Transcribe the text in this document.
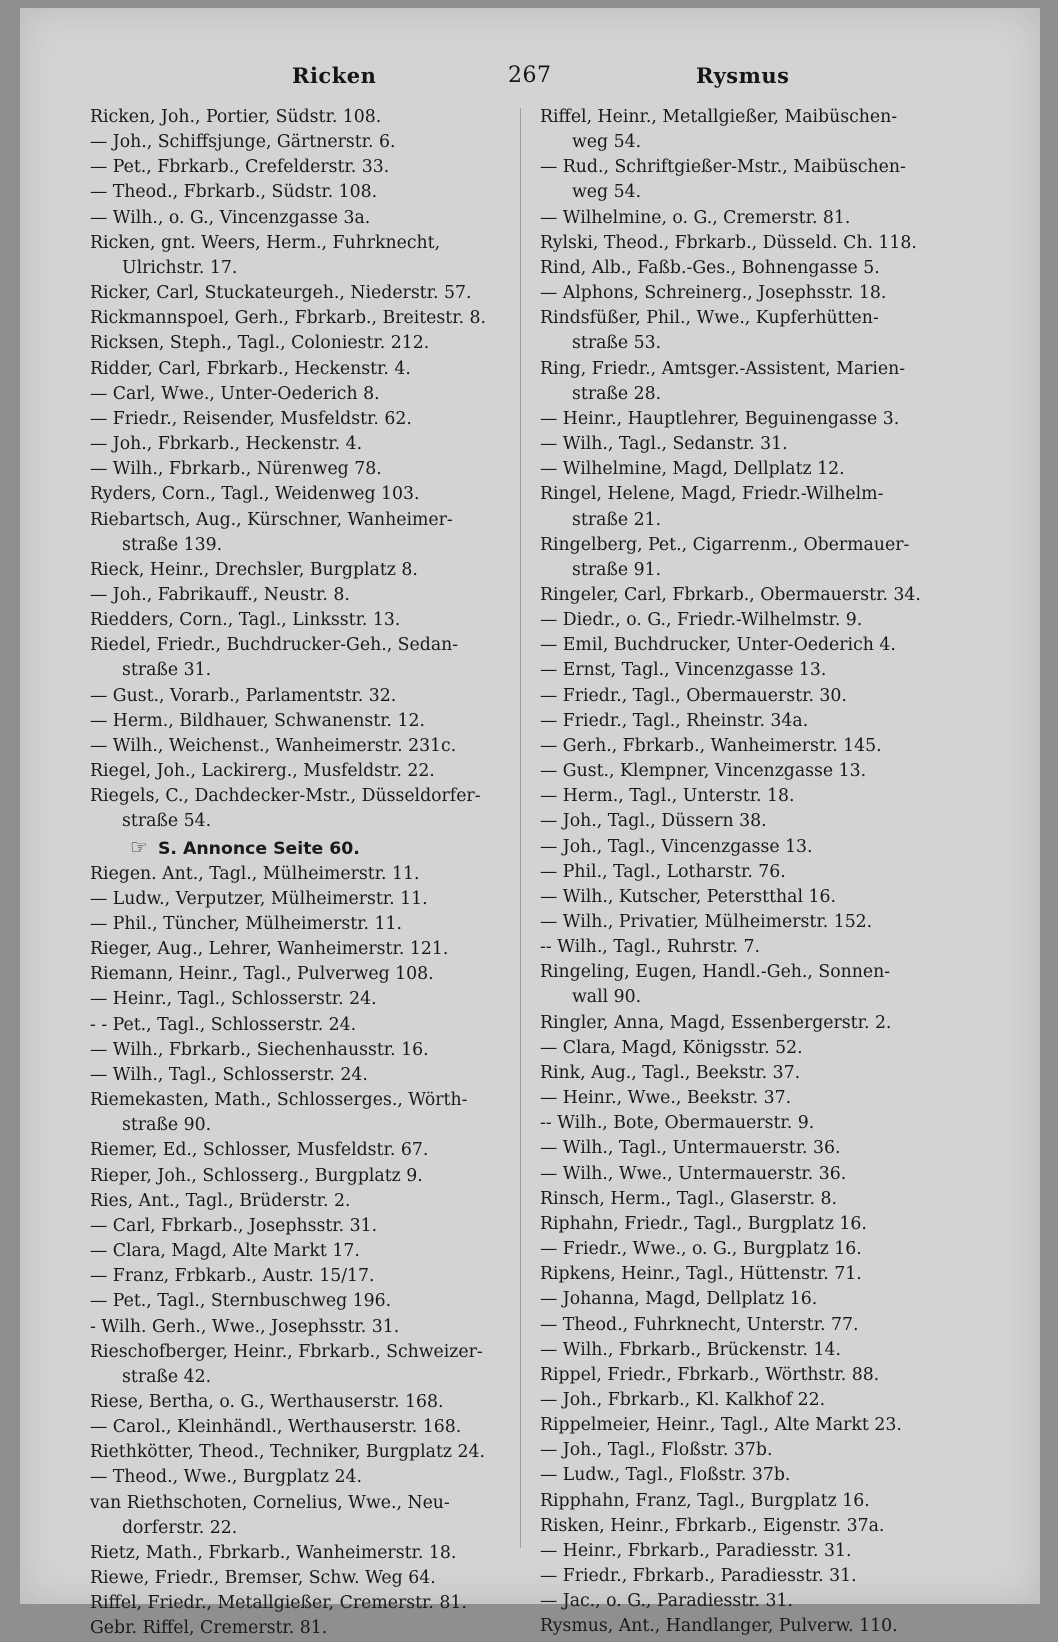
Ricken	267	Rysmus
Ricken, Joh., Portier, Südstr. 108.
— Joh., Schiffsjunge, Gärtnerstr. 6.
— Pet., Fbrkarb., Crefelderstr. 33.
— Theod., Fbrkarb., Südstr. 108.
— Wilh., o. G., Vincenzgasse 3a.
Ricken, gnt. Weers, Herm., Fuhrknecht,
Ulrichstr. 17.
Ricker, Carl, Stuckateurgeh., Niederstr. 57.
Rickmannspoel, Gerh., Fbrkarb., Breitestr. 8.
Ricksen, Steph., Tagl., Coloniestr. 212.
Ridder, Carl, Fbrkarb., Heckenstr. 4.
— Carl, Wwe., Unter-Oederich 8.
— Friedr., Reisender, Musfeldstr. 62.
— Joh., Fbrkarb., Heckenstr. 4.
— Wilh., Fbrkarb., Nürenweg 78.
Ryders, Corn., Tagl., Weidenweg 103.
Riebartsch, Aug., Kürschner, Wanheimer-
straße 139.
Rieck, Heinr., Drechsler, Burgplatz 8.
— Joh., Fabrikauff., Neustr. 8.
Riedders, Corn., Tagl., Linksstr. 13.
Riedel, Friedr., Buchdrucker-Geh., Sedan-
straße 31.
— Gust., Vorarb., Parlamentstr. 32.
— Herm., Bildhauer, Schwanenstr. 12.
— Wilh., Weichenst., Wanheimerstr. 231c.
Riegel, Joh., Lackirerg., Musfeldstr. 22.
Riegels, C., Dachdecker-Mstr., Düsseldorfer-
straße 54.
☞ S. Annonce Seite 60.
Riegen. Ant., Tagl., Mülheimerstr. 11.
— Ludw., Verputzer, Mülheimerstr. 11.
— Phil., Tüncher, Mülheimerstr. 11.
Rieger, Aug., Lehrer, Wanheimerstr. 121.
Riemann, Heinr., Tagl., Pulverweg 108.
— Heinr., Tagl., Schlosserstr. 24.
- - Pet., Tagl., Schlosserstr. 24.
— Wilh., Fbrkarb., Siechenhausstr. 16.
— Wilh., Tagl., Schlosserstr. 24.
Riemekasten, Math., Schlosserges., Wörth-
straße 90.
Riemer, Ed., Schlosser, Musfeldstr. 67.
Rieper, Joh., Schlosserg., Burgplatz 9.
Ries, Ant., Tagl., Brüderstr. 2.
— Carl, Fbrkarb., Josephsstr. 31.
— Clara, Magd, Alte Markt 17.
— Franz, Frbkarb., Austr. 15/17.
— Pet., Tagl., Sternbuschweg 196.
- Wilh. Gerh., Wwe., Josephsstr. 31.
Rieschofberger, Heinr., Fbrkarb., Schweizer-
straße 42.
Riese, Bertha, o. G., Werthauserstr. 168.
— Carol., Kleinhändl., Werthauserstr. 168.
Riethkötter, Theod., Techniker, Burgplatz 24.
— Theod., Wwe., Burgplatz 24.
van Riethschoten, Cornelius, Wwe., Neu-
dorferstr. 22.
Rietz, Math., Fbrkarb., Wanheimerstr. 18.
Riewe, Friedr., Bremser, Schw. Weg 64.
Riffel, Friedr., Metallgießer, Cremerstr. 81.
Gebr. Riffel, Cremerstr. 81.
Riffel, Heinr., Metallgießer, Maibüschen-
weg 54.
— Rud., Schriftgießer-Mstr., Maibüschen-
weg 54.
— Wilhelmine, o. G., Cremerstr. 81.
Rylski, Theod., Fbrkarb., Düsseld. Ch. 118.
Rind, Alb., Faßb.-Ges., Bohnengasse 5.
— Alphons, Schreinerg., Josephsstr. 18.
Rindsfüßer, Phil., Wwe., Kupferhütten-
straße 53.
Ring, Friedr., Amtsger.-Assistent, Marien-
straße 28.
— Heinr., Hauptlehrer, Beguinengasse 3.
— Wilh., Tagl., Sedanstr. 31.
— Wilhelmine, Magd, Dellplatz 12.
Ringel, Helene, Magd, Friedr.-Wilhelm-
straße 21.
Ringelberg, Pet., Cigarrenm., Obermauer-
straße 91.
Ringeler, Carl, Fbrkarb., Obermauerstr. 34.
— Diedr., o. G., Friedr.-Wilhelmstr. 9.
— Emil, Buchdrucker, Unter-Oederich 4.
— Ernst, Tagl., Vincenzgasse 13.
— Friedr., Tagl., Obermauerstr. 30.
— Friedr., Tagl., Rheinstr. 34a.
— Gerh., Fbrkarb., Wanheimerstr. 145.
— Gust., Klempner, Vincenzgasse 13.
— Herm., Tagl., Unterstr. 18.
— Joh., Tagl., Düssern 38.
— Joh., Tagl., Vincenzgasse 13.
— Phil., Tagl., Lotharstr. 76.
— Wilh., Kutscher, Peterstthal 16.
— Wilh., Privatier, Mülheimerstr. 152.
-- Wilh., Tagl., Ruhrstr. 7.
Ringeling, Eugen, Handl.-Geh., Sonnen-
wall 90.
Ringler, Anna, Magd, Essenbergerstr. 2.
— Clara, Magd, Königsstr. 52.
Rink, Aug., Tagl., Beekstr. 37.
— Heinr., Wwe., Beekstr. 37.
-- Wilh., Bote, Obermauerstr. 9.
— Wilh., Tagl., Untermauerstr. 36.
— Wilh., Wwe., Untermauerstr. 36.
Rinsch, Herm., Tagl., Glaserstr. 8.
Riphahn, Friedr., Tagl., Burgplatz 16.
— Friedr., Wwe., o. G., Burgplatz 16.
Ripkens, Heinr., Tagl., Hüttenstr. 71.
— Johanna, Magd, Dellplatz 16.
— Theod., Fuhrknecht, Unterstr. 77.
— Wilh., Fbrkarb., Brückenstr. 14.
Rippel, Friedr., Fbrkarb., Wörthstr. 88.
— Joh., Fbrkarb., Kl. Kalkhof 22.
Rippelmeier, Heinr., Tagl., Alte Markt 23.
— Joh., Tagl., Floßstr. 37b.
— Ludw., Tagl., Floßstr. 37b.
Ripphahn, Franz, Tagl., Burgplatz 16.
Risken, Heinr., Fbrkarb., Eigenstr. 37a.
— Heinr., Fbrkarb., Paradiesstr. 31.
— Friedr., Fbrkarb., Paradiesstr. 31.
— Jac., o. G., Paradiesstr. 31.
Rysmus, Ant., Handlanger, Pulverw. 110.
